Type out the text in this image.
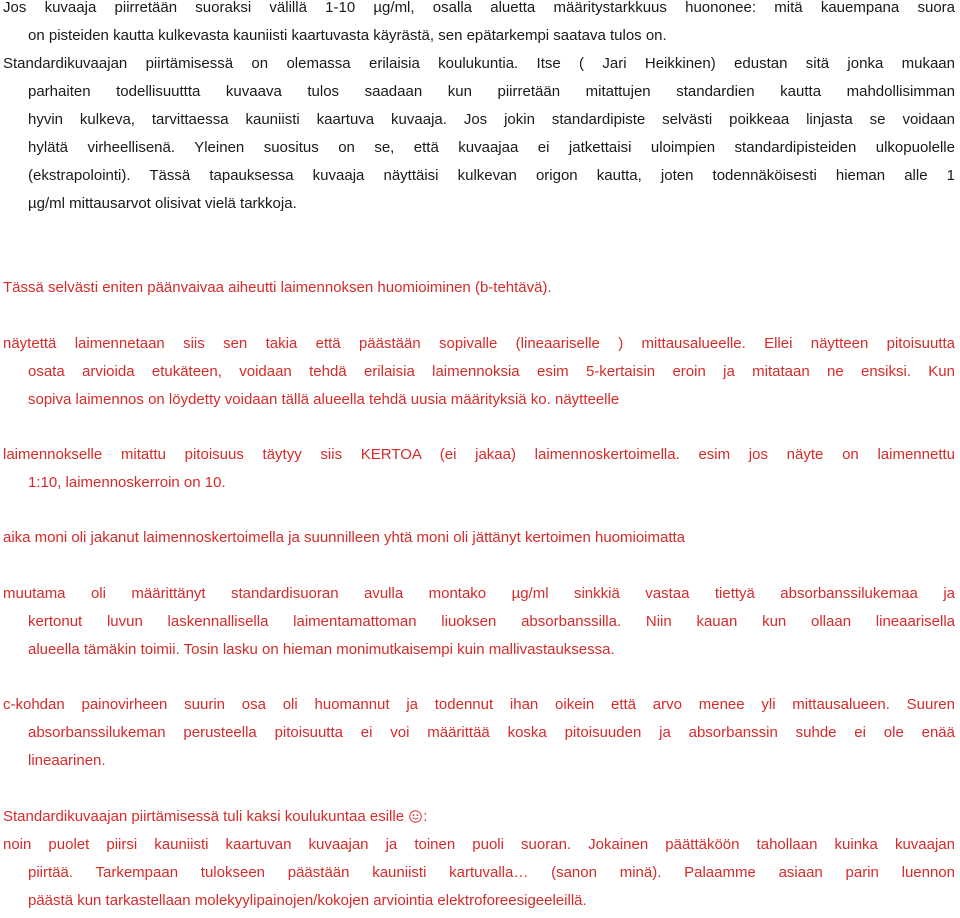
Jos kuvaaja piirretään suoraksi välillä 1-10 µg/ml, osalla aluetta määritystarkkuus huononee: mitä kauempana suora
on pisteiden kautta kulkevasta kauniisti kaartuvasta käyrästä, sen epätarkempi saatava tulos on.

Standardikuvaajan piirtämisessä on olemassa erilaisia koulukuntia. Itse ( Jari Heikkinen) edustan sitä jonka mukaan
parhaiten todellisuuttta kuvaava tulos saadaan kun piirretään mitattujen standardien kautta mahdollisimman
hyvin kulkeva, tarvittaessa kauniisti kaartuva kuvaaja. Jos jokin standardipiste selvästi poikkeaa linjasta se voidaan
hylätä virheellisenä. Yleinen suositus on se, että kuvaajaa ei jatkettaisi uloimpien standardipisteiden ulkopuolelle
(ekstrapolointi). Tässä tapauksessa kuvaaja näyttäisi kulkevan origon kautta, joten todennäköisesti hieman alle 1
µg/ml mittausarvot olisivat vielä tarkkoja.

Tässä selvästi eniten päänvaivaa aiheutti laimennoksen huomioiminen (b-tehtävä).

näytettä laimennetaan siis sen takia että päästään sopivalle (lineaariselle ) mittausalueelle. Ellei näytteen pitoisuutta
osata arvioida etukäteen, voidaan tehdä erilaisia laimennoksia esim 5-kertaisin eroin ja mitataan ne ensiksi. Kun
sopiva laimennos on löydetty voidaan tällä alueella tehdä uusia määrityksiä ko. näytteelle

laimennokselle mitattu pitoisuus täytyy siis KERTOA (ei jakaa) laimennoskertoimella. esim jos näyte on laimennettu
1:10, laimennoskerroin on 10.

aika moni oli jakanut laimennoskertoimella ja suunnilleen yhtä moni oli jättänyt kertoimen huomioimatta

muutama oli määrittänyt standardisuoran avulla montako µg/ml sinkkiä vastaa tiettyä absorbanssilukemaa ja
kertonut luvun laskennallisella laimentamattoman liuoksen absorbanssilla. Niin kauan kun ollaan lineaarisella
alueella tämäkin toimii. Tosin lasku on hieman monimutkaisempi kuin mallivastauksessa.

c-kohdan painovirheen suurin osa oli huomannut ja todennut ihan oikein että arvo menee yli mittausalueen. Suuren
absorbanssilukeman perusteella pitoisuutta ei voi määrittää koska pitoisuuden ja absorbanssin suhde ei ole enää
lineaarinen.

Standardikuvaajan piirtämisessä tuli kaksi koulukuntaa esille :
noin puolet piirsi kauniisti kaartuvan kuvaajan ja toinen puoli suoran. Jokainen päättäköön tahollaan kuinka kuvaajan
piirtää. Tarkempaan tulokseen päästään kauniisti kartuvalla… (sanon minä). Palaamme asiaan parin luennon
päästä kun tarkastellaan molekyylipainojen/kokojen arviointia elektroforeesigeeleillä.
